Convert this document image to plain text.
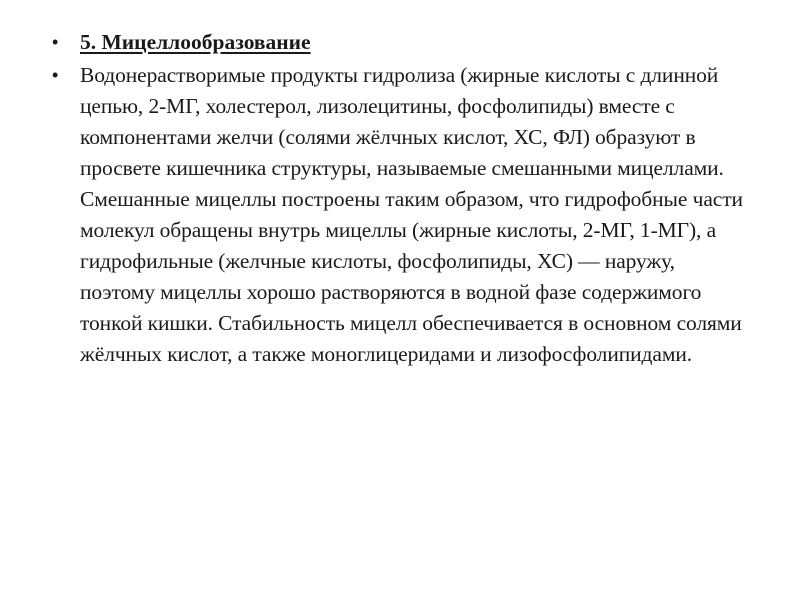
•	5. Мицеллообразование
•	Водонерастворимые продукты гидролиза (жирные кислоты с длинной цепью, 2-МГ, холестерол, лизолецитины, фосфолипиды) вместе с компонентами желчи (солями жёлчных кислот, ХС, ФЛ) образуют в просвете кишечника структуры, называемые смешанными мицеллами. Смешанные мицеллы построены таким образом, что гидрофобные части молекул обращены внутрь мицеллы (жирные кислоты, 2-МГ, 1-МГ), а гидрофильные (желчные кислоты, фосфолипиды, ХС) — наружу, поэтому мицеллы хорошо растворяются в водной фазе содержимого тонкой кишки. Стабильность мицелл обеспечивается в основном солями жёлчных кислот, а также моноглицеридами и лизофосфолипидами.
